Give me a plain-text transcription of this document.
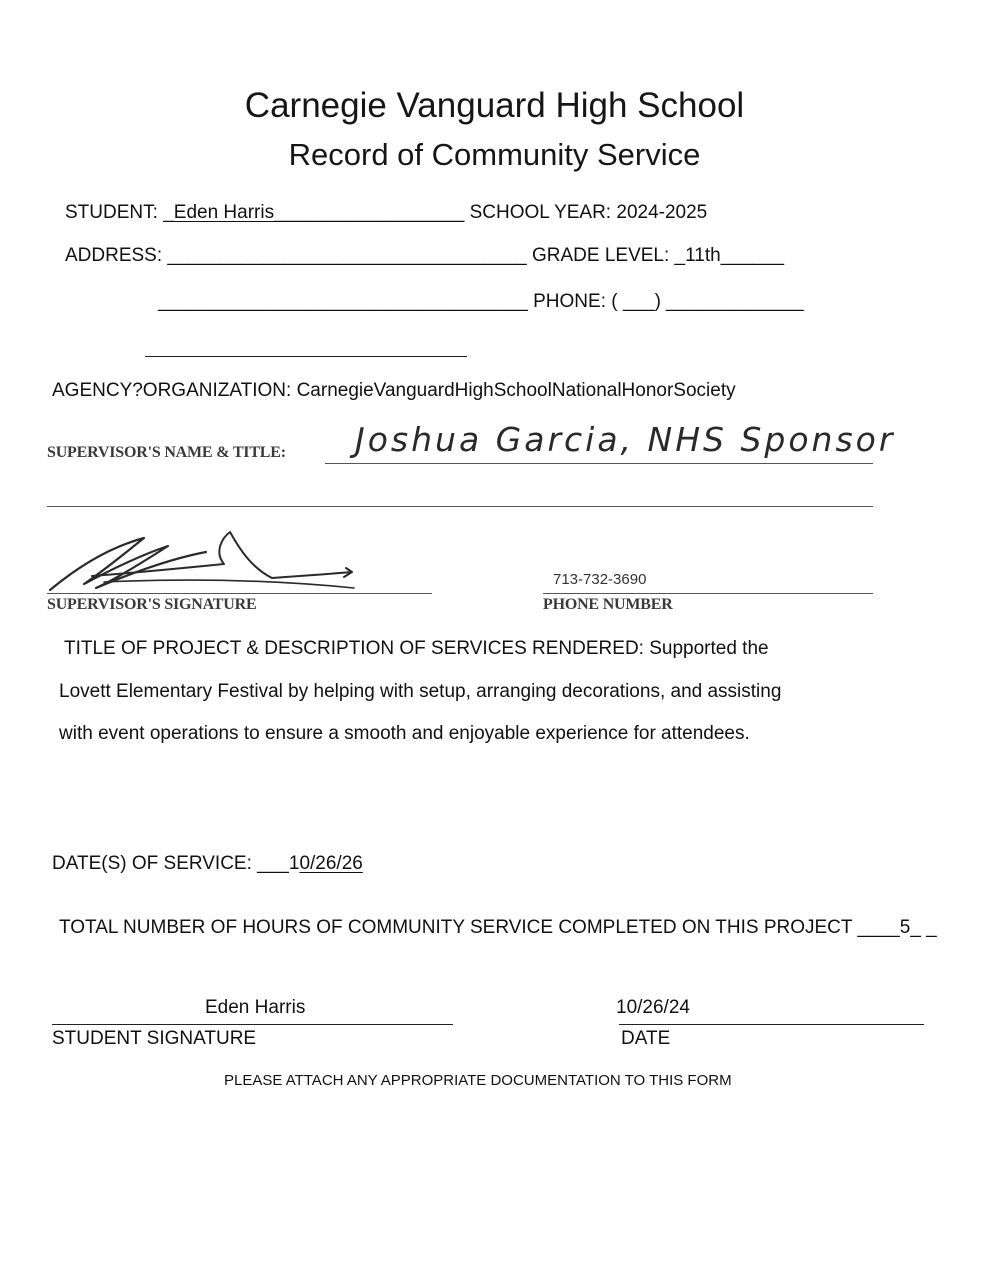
Carnegie Vanguard High School
Record of Community Service
STUDENT: _Eden Harris__________________ SCHOOL YEAR: 2024-2025
ADDRESS: __________________________________ GRADE LEVEL: _11th______
___________________________________ PHONE: ( ___) _____________
AGENCY?ORGANIZATION: CarnegieVanguardHighSchoolNationalHonorSociety
SUPERVISOR'S NAME & TITLE: Joshua Garcia, NHS Sponsor
SUPERVISOR'S SIGNATURE
713-732-3690
PHONE NUMBER
TITLE OF PROJECT & DESCRIPTION OF SERVICES RENDERED: Supported the
Lovett Elementary Festival by helping with setup, arranging decorations, and assisting
with event operations to ensure a smooth and enjoyable experience for attendees.
DATE(S) OF SERVICE: ___10/26/26
TOTAL NUMBER OF HOURS OF COMMUNITY SERVICE COMPLETED ON THIS PROJECT ____5_ _
Eden Harris
STUDENT SIGNATURE
10/26/24
DATE
PLEASE ATTACH ANY APPROPRIATE DOCUMENTATION TO THIS FORM
